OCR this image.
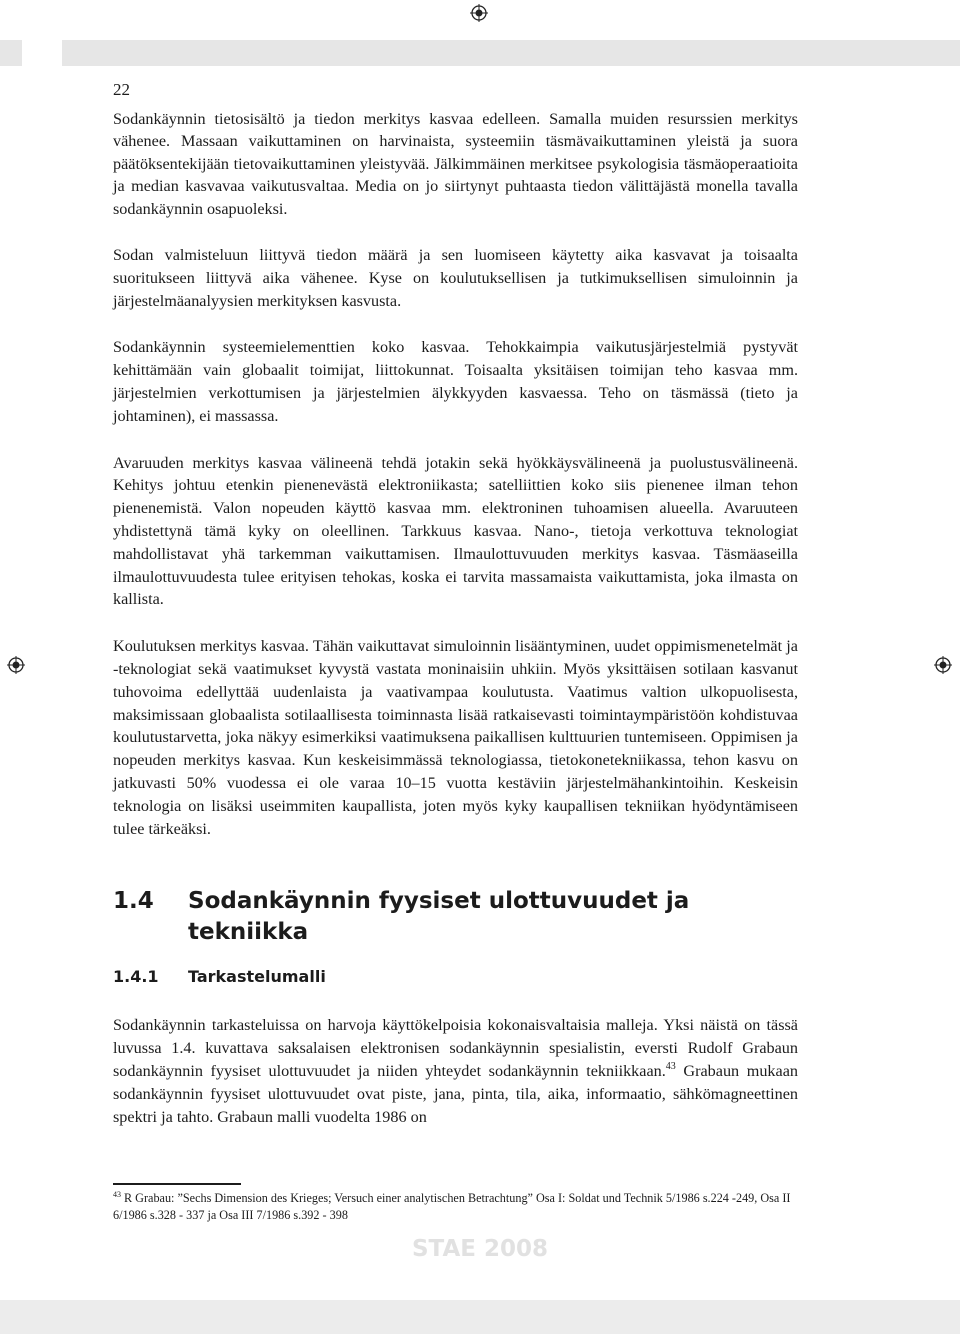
22

Sodankäynnin tietosisältö ja tiedon merkitys kasvaa edelleen. Samalla muiden resurssien merkitys vähenee. Massaan vaikuttaminen on harvinaista, systeemiin täsmävaikuttaminen yleistä ja suora päätöksentekijään tietovaikuttaminen yleistyvää. Jälkimmäinen merkitsee psykologisia täsmäoperaatioita ja median kasvavaa vaikutusvaltaa. Media on jo siirtynyt puhtaasta tiedon välittäjästä monella tavalla sodankäynnin osapuoleksi.

Sodan valmisteluun liittyvä tiedon määrä ja sen luomiseen käytetty aika kasvavat ja toisaalta suoritukseen liittyvä aika vähenee. Kyse on koulutuksellisen ja tutkimuksellisen simuloinnin ja järjestelmäanalyysien merkityksen kasvusta.

Sodankäynnin systeemielementtien koko kasvaa. Tehokkaimpia vaikutusjärjestelmiä pystyvät kehittämään vain globaalit toimijat, liittokunnat. Toisaalta yksitäisen toimijan teho kasvaa mm. järjestelmien verkottumisen ja järjestelmien älykkyyden kasvaessa. Teho on täsmässä (tieto ja johtaminen), ei massassa.

Avaruuden merkitys kasvaa välineenä tehdä jotakin sekä hyökkäysvälineenä ja puolustusvälineenä. Kehitys johtuu etenkin pienenevästä elektroniikasta; satelliittien koko siis pienenee ilman tehon pienenemistä. Valon nopeuden käyttö kasvaa mm. elektroninen tuhoamisen alueella. Avaruuteen yhdistettynä tämä kyky on oleellinen. Tarkkuus kasvaa. Nano-, tietoja verkottuva teknologiat mahdollistavat yhä tarkemman vaikuttamisen. Ilmaulottuvuuden merkitys kasvaa. Täsmäaseilla ilmaulottuvuudesta tulee erityisen tehokas, koska ei tarvita massamaista vaikuttamista, joka ilmasta on kallista.

Koulutuksen merkitys kasvaa. Tähän vaikuttavat simuloinnin lisääntyminen, uudet oppimismenetelmät ja -teknologiat sekä vaatimukset kyvystä vastata moninaisiin uhkiin. Myös yksittäisen sotilaan kasvanut tuhovoima edellyttää uudenlaista ja vaativampaa koulutusta. Vaatimus valtion ulkopuolisesta, maksimissaan globaalista sotilaallisesta toiminnasta lisää ratkaisevasti toimintaympäristöön kohdistuvaa koulutustarvetta, joka näkyy esimerkiksi vaatimuksena paikallisen kulttuurien tuntemiseen. Oppimisen ja nopeuden merkitys kasvaa. Kun keskeisimmässä teknologiassa, tietokonetekniikassa, tehon kasvu on jatkuvasti 50% vuodessa ei ole varaa 10–15 vuotta kestäviin järjestelmähankintoihin. Keskeisin teknologia on lisäksi useimmiten kaupallista, joten myös kyky kaupallisen tekniikan hyödyntämiseen tulee tärkeäksi.

1.4	Sodankäynnin fyysiset ulottuvuudet ja tekniikka
1.4.1	Tarkastelumalli

Sodankäynnin tarkasteluissa on harvoja käyttökelpoisia kokonaisvaltaisia malleja. Yksi näistä on tässä luvussa 1.4. kuvattava saksalaisen elektronisen sodankäynnin spesialistin, eversti Rudolf Grabaun sodankäynnin fyysiset ulottuvuudet ja niiden yhteydet sodankäynnin tekniikkaan.$^{43}$ Grabaun mukaan sodankäynnin fyysiset ulottuvuudet ovat piste, jana, pinta, tila, aika, informaatio, sähkömagneettinen spektri ja tahto. Grabaun malli vuodelta 1986 on

$^{43}$ R Grabau: ”Sechs Dimension des Krieges; Versuch einer analytischen Betrachtung” Osa I: Soldat und Technik 5/1986 s.224 -249, Osa II 6/1986 s.328 - 337 ja Osa III 7/1986 s.392 - 398
STAE 2008
